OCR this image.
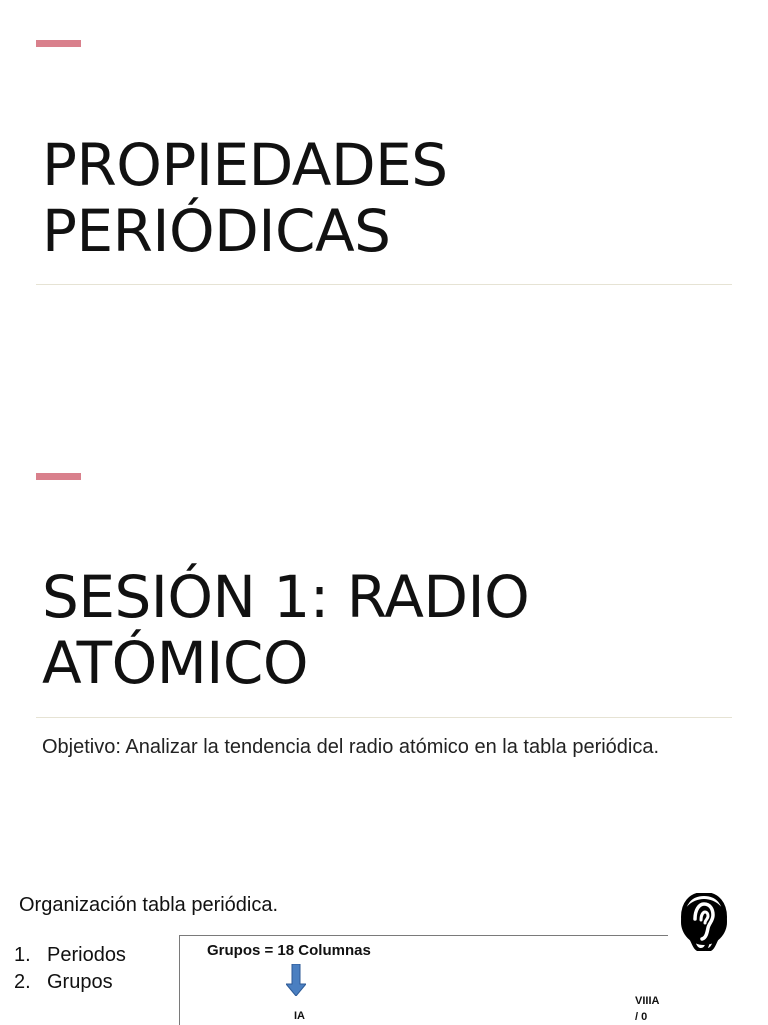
PROPIEDADES
PERIÓDICAS
SESIÓN 1: RADIO
ATÓMICO

Objetivo: Analizar la tendencia del radio atómico en la tabla periódica.

Organización tabla periódica.

1. Periodos
2. Grupos
Grupos = 18 Columnas
IA
VIIIA
/ 0
